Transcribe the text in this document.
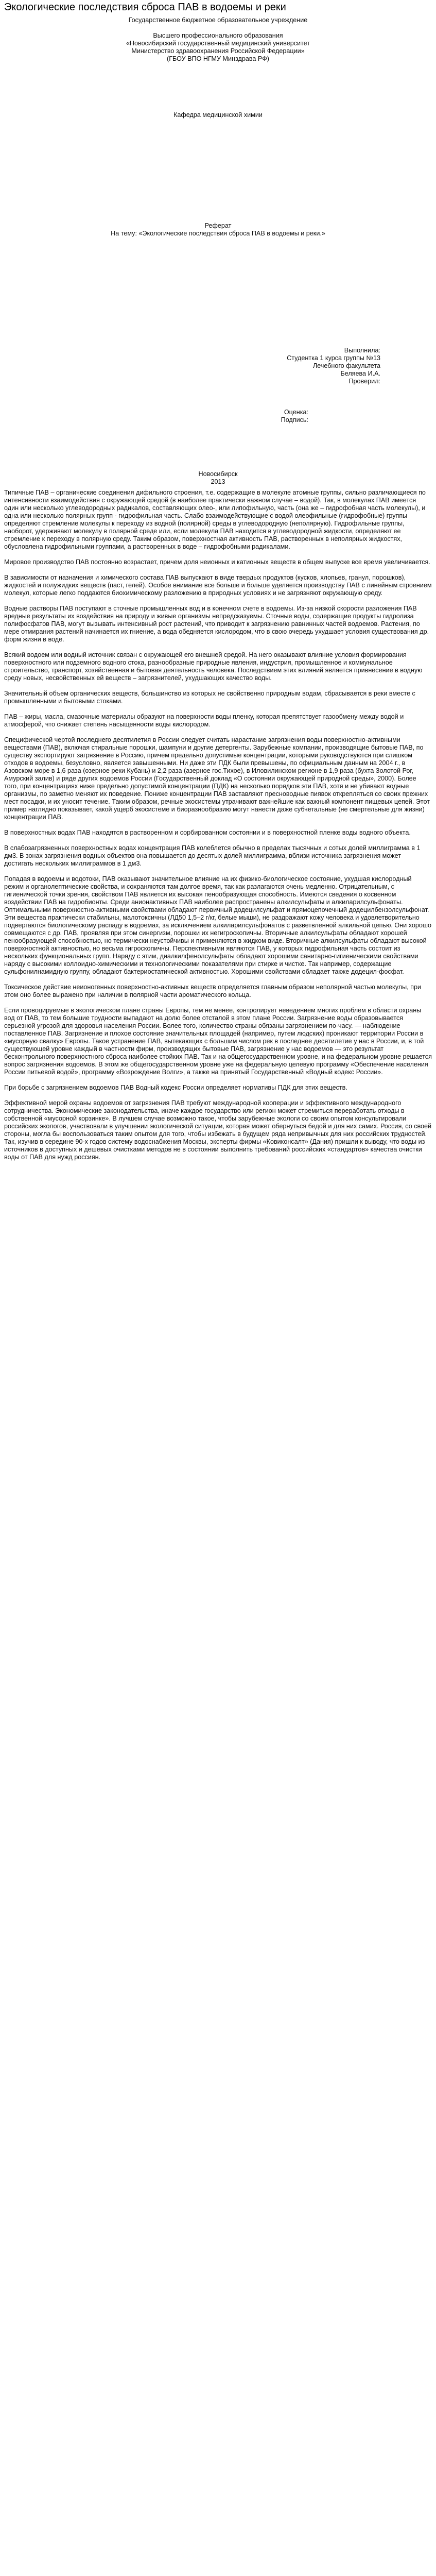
Экологические последствия сброса ПАВ в водоемы и реки
Государственное бюджетное образовательное учреждение
Высшего профессионального образования
«Новосибирский государственный медицинский университет
Министерство здравоохранения Российской Федерации»
(ГБОУ ВПО НГМУ Минздрава РФ)
Кафедра медицинской химии
Реферат
На тему: «Экологические последствия сброса ПАВ в водоемы и реки.»
Выполнила:
Студентка 1 курса группы №13
Лечебного факультета
Беляева И.А.
Проверил:
Оценка:
Подпись:
Новосибирск
2013

Типичные ПАВ – органические соединения дифильного строения, т.е. содержащие в молекуле атомные группы, сильно различающиеся по интенсивности взаимодействия с окружающей средой (в наиболее практически важном случае – водой). Так, в молекулах ПАВ имеется один или несколько углеводородных радикалов, составляющих олео-, или липофильную, часть (она же – гидрофобная часть молекулы), и одна или несколько полярных групп - гидрофильная часть. Слабо взаимодействующие с водой олеофильные (гидрофобные) группы определяют стремление молекулы к переходу из водной (полярной) среды в углеводородную (неполярную). Гидрофильные группы, наоборот, удерживают молекулу в полярной среде или, если молекула ПАВ находится в углеводородной жидкости, определяют ее стремление к переходу в полярную среду. Таким образом, поверхностная активность ПАВ, растворенных в неполярных жидкостях, обусловлена гидрофильными группами, а растворенных в воде – гидрофобными радикалами.

Мировое производство ПАВ постоянно возрастает, причем доля неионных и катионных веществ в общем выпуске все время увеличивается.

В зависимости от назначения и химического состава ПАВ выпускают в виде твердых продуктов (кусков, хлопьев, гранул, порошков), жидкостей и полужидких веществ (паст, гелей). Особое внимание все больше и больше уделяется производству ПАВ с линейным строением молекул, которые легко поддаются биохимическому разложению в природных условиях и не загрязняют окружающую среду.

Водные растворы ПАВ поступают в сточные промышленных вод и в конечном счете в водоемы. Из-за низкой скорости разложения ПАВ вредные результаты их воздействия на природу и живые организмы непредсказуемы. Сточные воды, содержащие продукты гидролиза полифосфатов ПАВ, могут вызывать интенсивный рост растений, что приводит к загрязнению равнинных частей водоемов. Растения, по мере отмирания растений начинается их гниение, а вода обедняется кислородом, что в свою очередь ухудшает условия существования др. форм жизни в воде.

Всякий водоем или водный источник связан с окружающей его внешней средой. На него оказывают влияние условия формирования поверхностного или подземного водного стока, разнообразные природные явления, индустрия, промышленное и коммунальное строительство, транспорт, хозяйственная и бытовая деятельность человека. Последствием этих влияний является привнесение в водную среду новых, несвойственных ей веществ – загрязнителей, ухудшающих качество воды.

Значительный объем органических веществ, большинство из которых не свойственно природным водам, сбрасывается в реки вместе с промышленными и бытовыми стоками.

ПАВ – жиры, масла, смазочные материалы образуют на поверхности воды пленку, которая препятствует газообмену между водой и атмосферой, что снижает степень насыщенности воды кислородом.

Специфической чертой последнего десятилетия в России следует считать нарастание загрязнения воды поверхностно-активными веществами (ПАВ), включая стиральные порошки, шампуни и другие детергенты. Зарубежные компании, производящие бытовые ПАВ, по существу экспортируют загрязнение в Россию, причем предельно допустимые концентрации, которыми руководствуются при слишком отходов в водоемы, безусловно, является завышенными. Ни даже эти ПДК были превышены, по официальным данным на 2004 г., в Азовском море в 1,6 раза (озерное реки Кубань) и 2,2 раза (азерное гос.Тихое), в Иловилинском регионе в 1,9 раза (бухта Золотой Рог, Амурский залив) и ряде других водоемов России (Государственный доклад «О состоянии окружающей природной среды», 2000). Более того, при концентрациях ниже предельно допустимой концентрации (ПДК) на несколько порядков эти ПАВ, хотя и не убивают водные организмы, по заметно меняют их поведение. Пониже концентрации ПАВ заставляют пресноводные пиявок открепляться со своих прежних мест посадки, и их уносит течение. Таким образом, речные экосистемы утрачивают важнейшие как важный компонент пищевых цепей. Этот пример наглядно показывает, какой ущерб экосистеме и биоразнообразию могут нанести даже субчетальные (не смертельные для жизни) концентрации ПАВ.

В поверхностных водах ПАВ находятся в растворенном и сорбированном состоянии и в поверхностной пленке воды водного объекта.

В слабозагрязненных поверхностных водах концентрация ПАВ колеблется обычно в пределах тысячных и сотых долей миллиграмма в 1 дм3. В зонах загрязнения водных объектов она повышается до десятых долей миллиграмма, вблизи источника загрязнения может достигать нескольких миллиграммов в 1 дм3.

Попадая в водоемы и водотоки, ПАВ оказывают значительное влияние на их физико-биологическое состояние, ухудшая кислородный режим и органолептические свойства, и сохраняются там долгое время, так как разлагаются очень медленно. Отрицательным, с гигиенической точки зрения, свойством ПАВ является их высокая пенообразующая способность. Имеются сведения о косвенном воздействии ПАВ на гидробионты. Среди анионактивных ПАВ наиболее распространены алкилсульфаты и алкиларилсульфонаты. Оптимальными поверхностно-активными свойствами обладают первичный додецилсульфат и прямоцепочечный додецилбензолсульфонат. Эти вещества практически стабильны, малотоксичны (ЛД50 1,5–2 г/кг, белые мыши), не раздражают кожу человека и удовлетворительно подвергаются биологическому распаду в водоемах, за исключением алкиларилсульфонатов с разветвленной алкильной цепью. Они хорошо совмещаются с др. ПАВ, проявляя при этом синергизм, порошки их негигроскопичны. Вторичные алкилсульфаты обладают хорошей пенообразующей способностью, но термически неустойчивы и применяются в жидком виде. Вторичные алкилсульфаты обладают высокой поверхностной активностью, но весьма гигроскопичны. Перспективными являются ПАВ, у которых гидрофильная часть состоит из нескольких функциональных групп. Наряду с этим, диалкилфенолсульфаты обладают хорошими санитарно-гигиеническими свойствами наряду с высокими коллоидно-химическими и технологическими показателями при стирке и чистке. Так например, содержащие сульфонилнамидную группу, обладают бактериостатической активностью. Хорошими свойствами обладает также додецил-фосфат.

Токсическое действие неионогенных поверхностно-активных веществ определяется главным образом неполярной частью молекулы, при этом оно более выражено при наличии в полярной части ароматического кольца.

Если провоцируемые в экологическом плане страны Европы, тем не менее, контролирует неведением многих проблем в области охраны вод от ПАВ, то тем большие трудности выпадают на долю более отсталой в этом плане России. Загрязнение воды образовывается серьезной угрозой для здоровья населения России. Более того, количество страны обязаны загрязнением по-часу. — наблюдение поставленное ПАВ. Загрязнение и плохое состояние значительных площадей (например, путем людских) проникают территории России в «мусорную свалку» Европы. Такое устранение ПАВ, вытекающих с большим числом рек в последнее десятилетие у нас в России, и, в той существующей уровне каждый в частности фирм, производящих бытовые ПАВ, загрязнение у нас водоемов — это результат бесконтрольного поверхностного сброса наиболее стойких ПАВ. Так и на общегосударственном уровне, и на федеральном уровне решается вопрос загрязнения водоемов. В этом же общегосударственном уровне уже на федеральную целевую программу «Обеспечение населения России питьевой водой», программу «Возрождение Волги», а также на принятый Государственный «Водный кодекс России».

При борьбе с загрязнением водоемов ПАВ Водный кодекс России определяет нормативы ПДК для этих веществ.

Эффективной мерой охраны водоемов от загрязнения ПАВ требуют международной кооперации и эффективного международного сотрудничества. Экономические законодательства, иначе каждое государство или регион может стремиться переработать отходы в собственной «мусорной корзинке». В лучшем случае возможно такое, чтобы зарубежные экологи со своим опытом консультировали российских экологов, участвовали в улучшении экологической ситуации, которая может обернуться бедой и для них самих. Россия, со своей стороны, могла бы воспользоваться таким опытом для того, чтобы избежать в будущем ряда непривычных для них российских трудностей. Так, изучив в середине 90-х годов систему водоснабжения Москвы, эксперты фирмы «Ковиконсалт» (Дания) пришли к выводу, что воды из источников в доступных и дешевых очистками методов не в состоянии выполнить требований российских «стандартов» качества очистки воды от ПАВ для нужд россиян.
